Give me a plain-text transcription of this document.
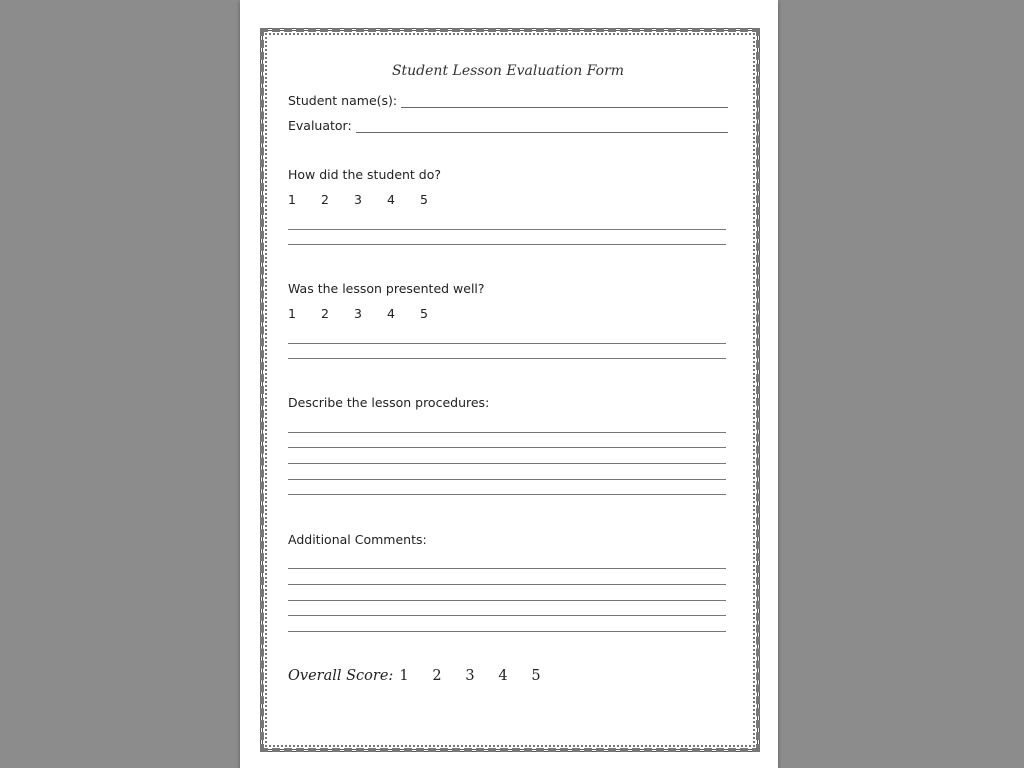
Student Lesson Evaluation Form
Student name(s):
Evaluator:
How did the student do?
1	2	3	4	5
Was the lesson presented well?
1	2	3	4	5
Describe the lesson procedures:
Additional Comments:
Overall Score: 1	2	3	4	5
